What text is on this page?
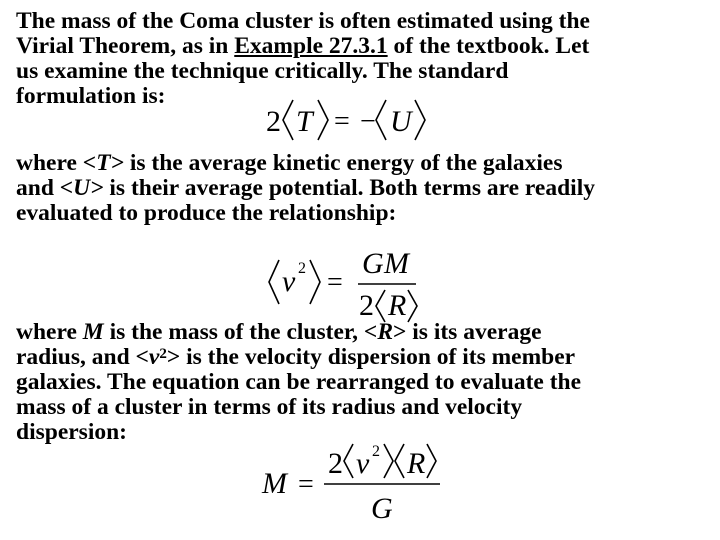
The mass of the Coma cluster is often estimated using the
Virial Theorem, as in Example 27.3.1 of the textbook. Let
us examine the technique critically. The standard
formulation is:
2 T = − U
where <T> is the average kinetic energy of the galaxies
and <U> is their average potential. Both terms are readily
evaluated to produce the relationship:
v 2 =
G M
2 R
where M is the mass of the cluster, <R> is its average
radius, and $<v^2>$ is the velocity dispersion of its member
galaxies. The equation can be rearranged to evaluate the
mass of a cluster in terms of its radius and velocity
dispersion:
M =
2 v 2 R
G
